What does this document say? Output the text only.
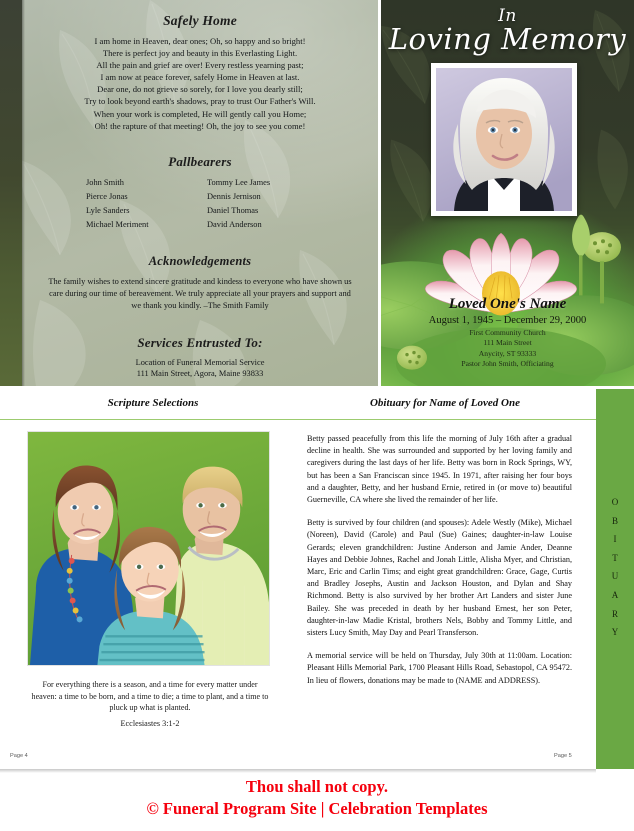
Safely Home
I am home in Heaven, dear ones; Oh, so happy and so bright!
There is perfect joy and beauty in this Everlasting Light.
All the pain and grief are over! Every restless yearning past;
I am now at peace forever, safely Home in Heaven at last.
Dear one, do not grieve so sorely, for I love you dearly still;
Try to look beyond earth's shadows, pray to trust Our Father's Will.
When your work is completed, He will gently call you Home;
Oh! the rapture of that meeting! Oh, the joy to see you come!
Pallbearers
John Smith	Tommy Lee James
Pierce Jonas	Dennis Jernison
Lyle Sanders	Daniel Thomas
Michael Meriment	David Anderson
Acknowledgements
The family wishes to extend sincere gratitude and kindess to everyone who have shown us care during our time of bereavement. We truly appreciate all your prayers and support and we thank you kindly. –The Smith Family
Services Entrusted To:
Location of Funeral Memorial Service
111 Main Street, Agora, Maine 93833
In
Loving Memory
Loved One's Name
August 1, 1945 – December 29, 2000
First Community Church
111 Main Street
Anycity, ST 93333
Pastor John Smith, Officiating
Scripture Selections	Obituary for Name of Loved One
For everything there is a season, and a time for every matter under heaven: a time to be born, and a time to die; a time to plant, and a time to pluck up what is planted.
Ecclesiastes 3:1-2

Betty passed peacefully from this life the morning of July 16th after a gradual decline in health. She was surrounded and supported by her loving family and caregivers during the last days of her life. Betty was born in Rock Springs, WY, but has been a San Franciscan since 1945. In 1971, after raising her four boys and a daughter, Betty, and her husband Ernie, retired in (or move to) beautiful Guerneville, CA where she lived the remainder of her life.

Betty is survived by four children (and spouses): Adele Westly (Mike), Michael (Noreen), David (Carole) and Paul (Sue) Gaines; daughter-in-law Louise Gerards; eleven grandchildren: Justine Anderson and Jamie Ander, Deanne Hayes and Debbie Johnes, Rachel and Jonah Little, Alisha Myer, and Christian, Marc, Eric and Carlin Tims; and eight great grandchildren: Grace, Gage, Curtis and Bradley Josephs, Austin and Jackson Houston, and Dylan and Shay Richmond. Betty is also survived by her brother Art Landers and sister June Bailey. She was preceded in death by her husband Ernest, her son Peter, daughter-in-law Madie Kristal, brothers Nels, Bobby and Tommy Little, and sisters Lucy Smith, May Day and Pearl Transferson.

A memorial service will be held on Thursday, July 30th at 11:00am. Location: Pleasant Hills Memorial Park, 1700 Pleasant Hills Road, Sebastopol, CA 95472. In lieu of flowers, donations may be made to (NAME and ADDRESS).

O
B
I
T
U
A
R
Y
Page 4	Page 5
Thou shall not copy.
© Funeral Program Site | Celebration Templates
